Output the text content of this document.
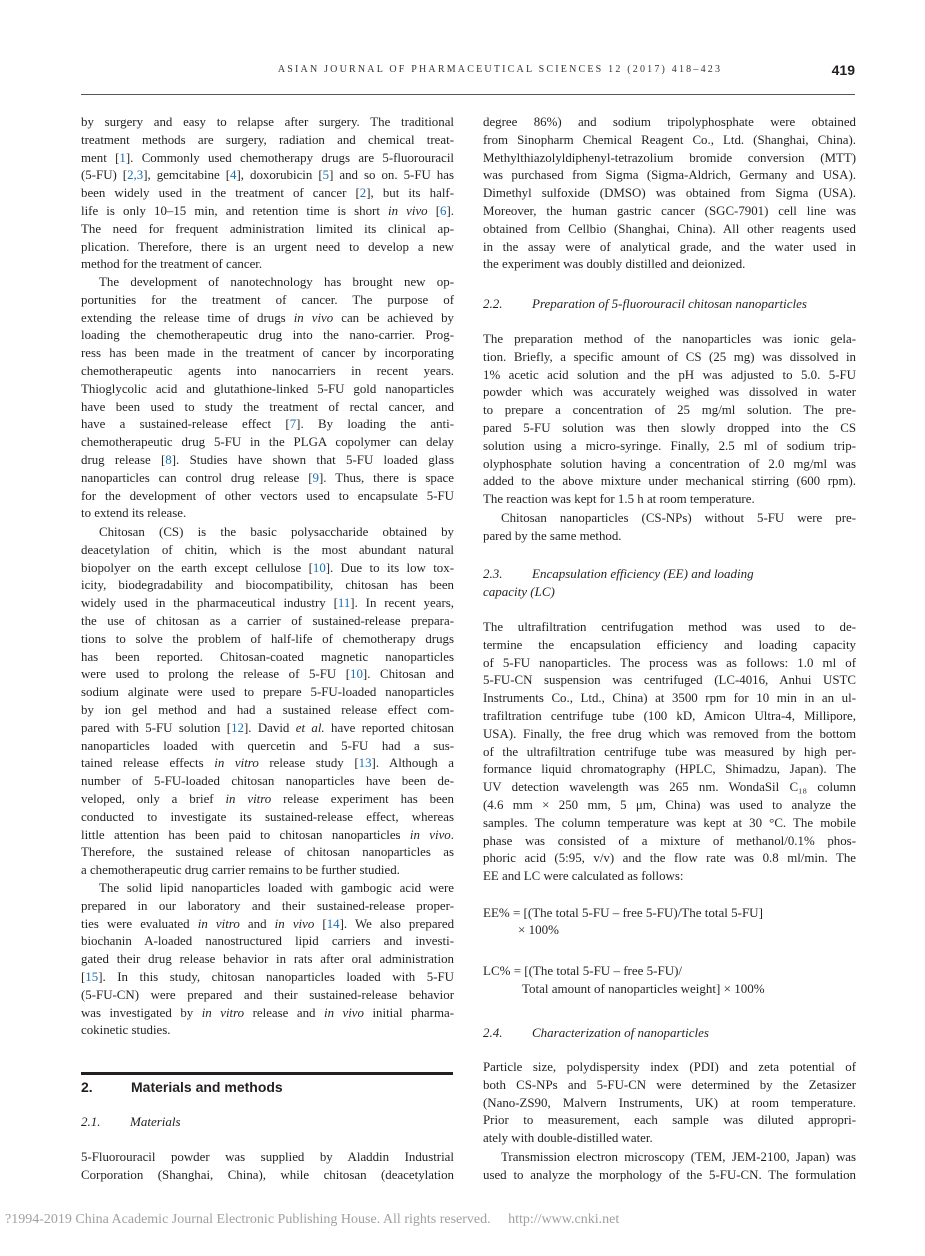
ASIAN JOURNAL OF PHARMACEUTICAL SCIENCES 12 (2017) 418–423	419
by surgery and easy to relapse after surgery. The traditional
treatment methods are surgery, radiation and chemical treat-
ment [1]. Commonly used chemotherapy drugs are 5-fluorouracil
(5-FU) [2,3], gemcitabine [4], doxorubicin [5] and so on. 5-FU has
been widely used in the treatment of cancer [2], but its half-
life is only 10–15 min, and retention time is short in vivo [6].
The need for frequent administration limited its clinical ap-
plication. Therefore, there is an urgent need to develop a new
method for the treatment of cancer.
The development of nanotechnology has brought new op-
portunities for the treatment of cancer. The purpose of
extending the release time of drugs in vivo can be achieved by
loading the chemotherapeutic drug into the nano-carrier. Prog-
ress has been made in the treatment of cancer by incorporating
chemotherapeutic agents into nanocarriers in recent years.
Thioglycolic acid and glutathione-linked 5-FU gold nanoparticles
have been used to study the treatment of rectal cancer, and
have a sustained-release effect [7]. By loading the anti-
chemotherapeutic drug 5-FU in the PLGA copolymer can delay
drug release [8]. Studies have shown that 5-FU loaded glass
nanoparticles can control drug release [9]. Thus, there is space
for the development of other vectors used to encapsulate 5-FU
to extend its release.
Chitosan (CS) is the basic polysaccharide obtained by
deacetylation of chitin, which is the most abundant natural
biopolyer on the earth except cellulose [10]. Due to its low tox-
icity, biodegradability and biocompatibility, chitosan has been
widely used in the pharmaceutical industry [11]. In recent years,
the use of chitosan as a carrier of sustained-release prepara-
tions to solve the problem of half-life of chemotherapy drugs
has been reported. Chitosan-coated magnetic nanoparticles
were used to prolong the release of 5-FU [10]. Chitosan and
sodium alginate were used to prepare 5-FU-loaded nanoparticles
by ion gel method and had a sustained release effect com-
pared with 5-FU solution [12]. David et al. have reported chitosan
nanoparticles loaded with quercetin and 5-FU had a sus-
tained release effects in vitro release study [13]. Although a
number of 5-FU-loaded chitosan nanoparticles have been de-
veloped, only a brief in vitro release experiment has been
conducted to investigate its sustained-release effect, whereas
little attention has been paid to chitosan nanoparticles in vivo.
Therefore, the sustained release of chitosan nanoparticles as
a chemotherapeutic drug carrier remains to be further studied.
The solid lipid nanoparticles loaded with gambogic acid were
prepared in our laboratory and their sustained-release proper-
ties were evaluated in vitro and in vivo [14]. We also prepared
biochanin A-loaded nanostructured lipid carriers and investi-
gated their drug release behavior in rats after oral administration
[15]. In this study, chitosan nanoparticles loaded with 5-FU
(5-FU-CN) were prepared and their sustained-release behavior
was investigated by in vitro release and in vivo initial pharma-
cokinetic studies.
2.	Materials and methods
2.1. Materials
5-Fluorouracil powder was supplied by Aladdin Industrial
Corporation (Shanghai, China), while chitosan (deacetylation
degree 86%) and sodium tripolyphosphate were obtained
from Sinopharm Chemical Reagent Co., Ltd. (Shanghai, China).
Methylthiazolyldiphenyl-tetrazolium bromide conversion (MTT)
was purchased from Sigma (Sigma-Aldrich, Germany and USA).
Dimethyl sulfoxide (DMSO) was obtained from Sigma (USA).
Moreover, the human gastric cancer (SGC-7901) cell line was
obtained from Cellbio (Shanghai, China). All other reagents used
in the assay were of analytical grade, and the water used in
the experiment was doubly distilled and deionized.
2.2. Preparation of 5-fluorouracil chitosan nanoparticles
The preparation method of the nanoparticles was ionic gela-
tion. Briefly, a specific amount of CS (25 mg) was dissolved in
1% acetic acid solution and the pH was adjusted to 5.0. 5-FU
powder which was accurately weighed was dissolved in water
to prepare a concentration of 25 mg/ml solution. The pre-
pared 5-FU solution was then slowly dropped into the CS
solution using a micro-syringe. Finally, 2.5 ml of sodium trip-
olyphosphate solution having a concentration of 2.0 mg/ml was
added to the above mixture under mechanical stirring (600 rpm).
The reaction was kept for 1.5 h at room temperature.
Chitosan nanoparticles (CS-NPs) without 5-FU were pre-
pared by the same method.
2.3. Encapsulation efficiency (EE) and loading
capacity (LC)
The ultrafiltration centrifugation method was used to de-
termine the encapsulation efficiency and loading capacity
of 5-FU nanoparticles. The process was as follows: 1.0 ml of
5-FU-CN suspension was centrifuged (LC-4016, Anhui USTC
Instruments Co., Ltd., China) at 3500 rpm for 10 min in an ul-
trafiltration centrifuge tube (100 kD, Amicon Ultra-4, Millipore,
USA). Finally, the free drug which was removed from the bottom
of the ultrafiltration centrifuge tube was measured by high per-
formance liquid chromatography (HPLC, Shimadzu, Japan). The
UV detection wavelength was 265 nm. WondaSil C₁₈ column
(4.6 mm × 250 mm, 5 μm, China) was used to analyze the
samples. The column temperature was kept at 30 °C. The mobile
phase was consisted of a mixture of methanol/0.1% phos-
phoric acid (5:95, v/v) and the flow rate was 0.8 ml/min. The
EE and LC were calculated as follows:
EE% = [(The total 5-FU – free 5-FU)/The total 5-FU]
× 100%
LC% = [(The total 5-FU – free 5-FU)/
Total amount of nanoparticles weight] × 100%
2.4. Characterization of nanoparticles
Particle size, polydispersity index (PDI) and zeta potential of
both CS-NPs and 5-FU-CN were determined by the Zetasizer
(Nano-ZS90, Malvern Instruments, UK) at room temperature.
Prior to measurement, each sample was diluted appropri-
ately with double-distilled water.
Transmission electron microscopy (TEM, JEM-2100, Japan) was
used to analyze the morphology of the 5-FU-CN. The formulation
?1994-2019 China Academic Journal Electronic Publishing House. All rights reserved.     http://www.cnki.net
